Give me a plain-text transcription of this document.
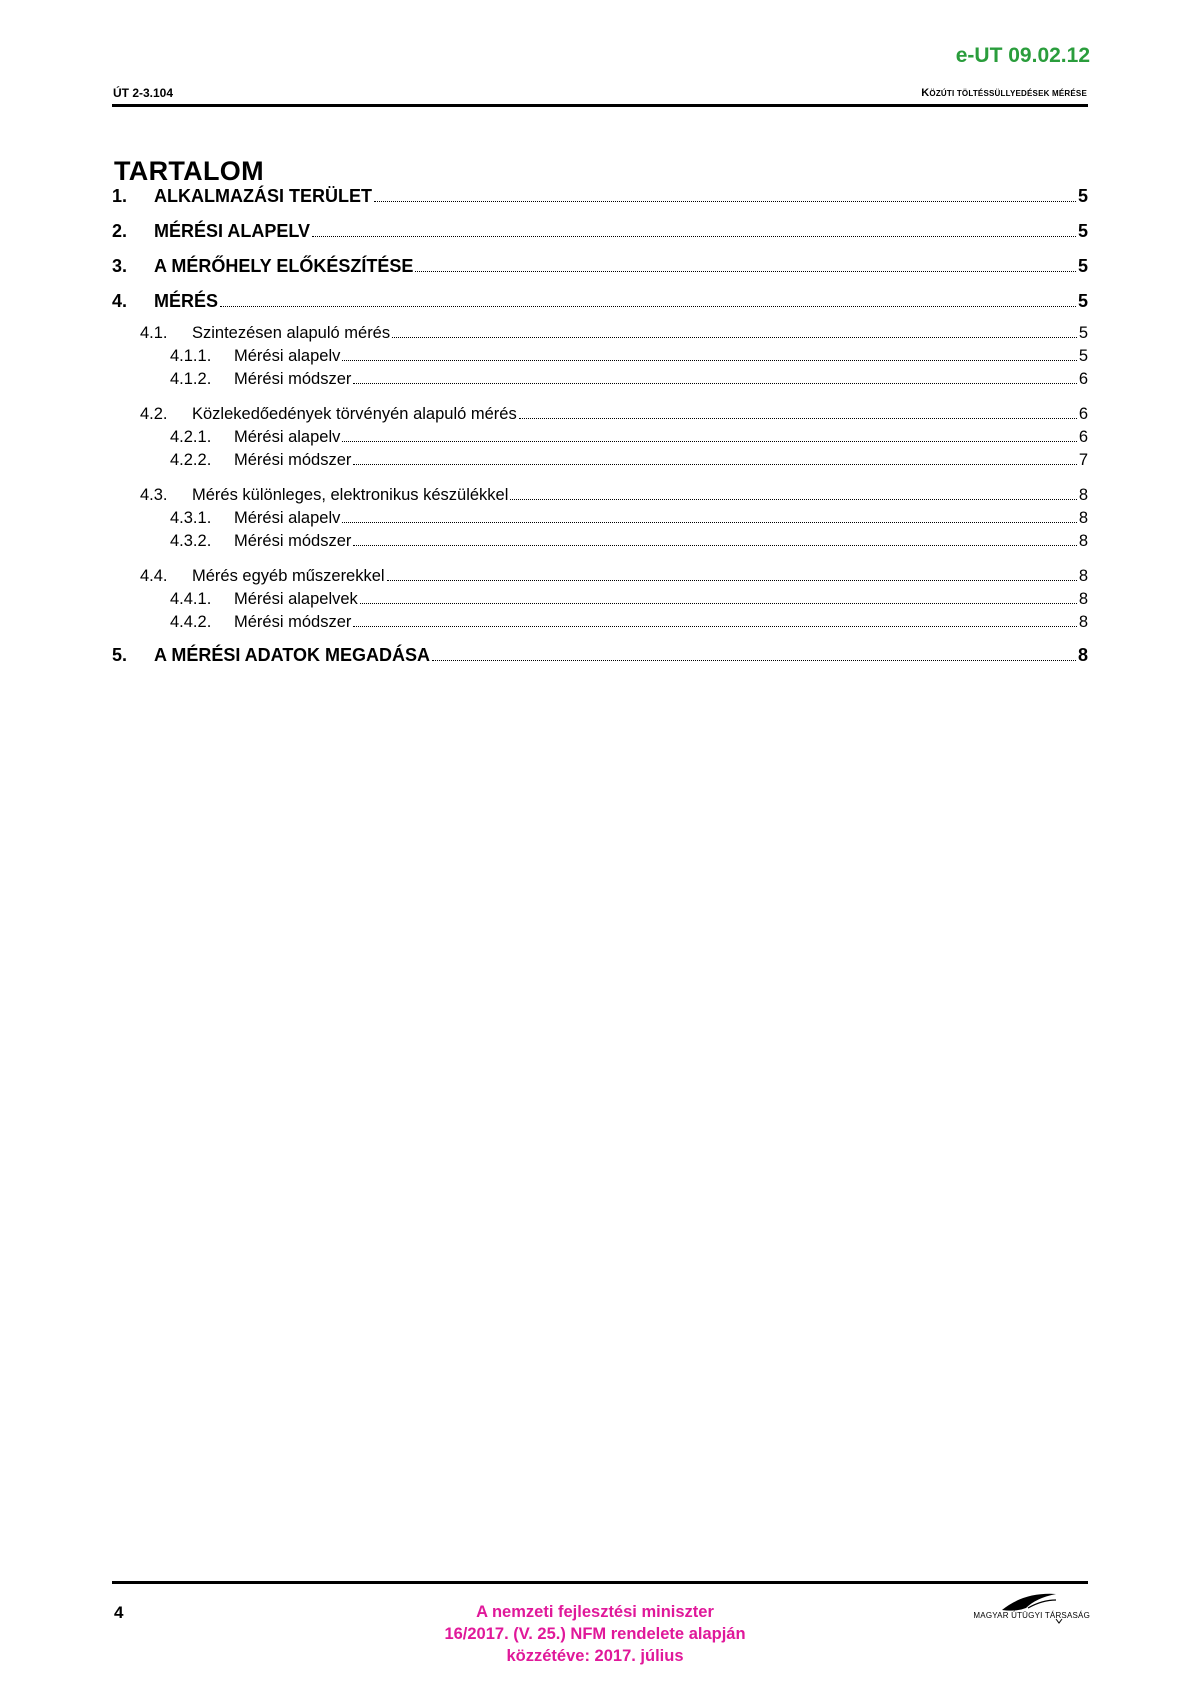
e-UT 09.02.12
ÚT 2-3.104	KÖZÚTI TÖLTÉSSÜLLYEDÉSEK MÉRÉSE
TARTALOM
1.	ALKALMAZÁSI TERÜLET	5
2.	MÉRÉSI ALAPELV	5
3.	A MÉRŐHELY ELŐKÉSZÍTÉSE	5
4.	MÉRÉS	5
4.1.	Szintezésen alapuló mérés	5
4.1.1.	Mérési alapelv	5
4.1.2.	Mérési módszer	6
4.2.	Közlekedőedények törvényén alapuló mérés	6
4.2.1.	Mérési alapelv	6
4.2.2.	Mérési módszer	7
4.3.	Mérés különleges, elektronikus készülékkel	8
4.3.1.	Mérési alapelv	8
4.3.2.	Mérési módszer	8
4.4.	Mérés egyéb műszerekkel	8
4.4.1.	Mérési alapelvek	8
4.4.2.	Mérési módszer	8
5.	A MÉRÉSI ADATOK MEGADÁSA	8
4	A nemzeti fejlesztési miniszter
16/2017. (V. 25.) NFM rendelete alapján
közzétéve: 2017. július
MAGYAR ÚTÜGYI TÁRSASÁG
